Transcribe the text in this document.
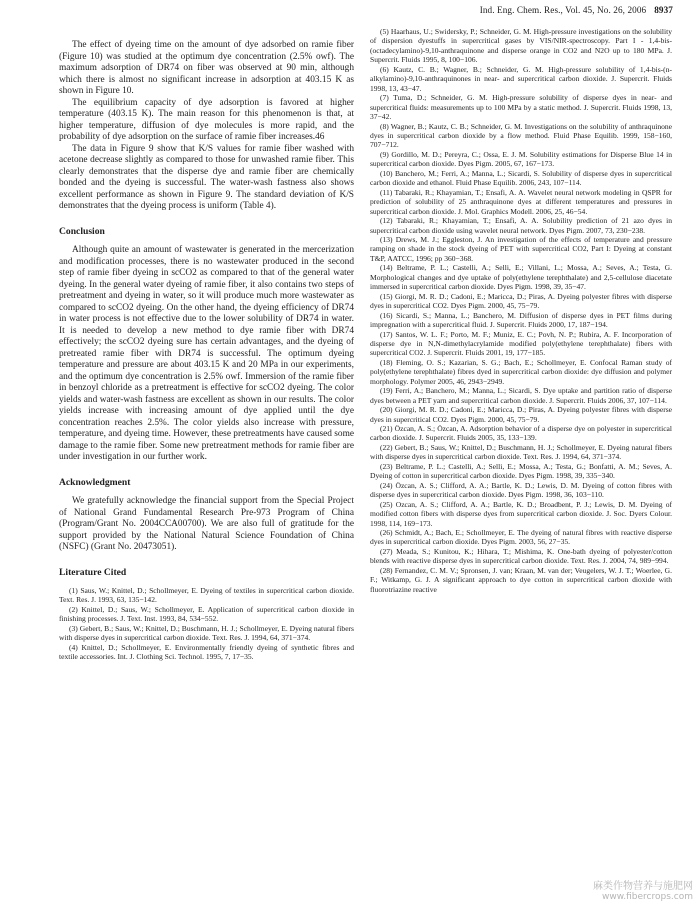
Ind. Eng. Chem. Res., Vol. 45, No. 26, 2006 8937

The effect of dyeing time on the amount of dye adsorbed on ramie fiber (Figure 10) was studied at the optimum dye concentration (2.5% owf). The maximum adsorption of DR74 on fiber was observed at 90 min, although which there is almost no significant increase in adsorption at 403.15 K as shown in Figure 10.

The equilibrium capacity of dye adsorption is favored at higher temperature (403.15 K). The main reason for this phenomenon is that, at higher temperature, diffusion of dye molecules is more rapid, and the probability of dye adsorption on the surface of ramie fiber increases.46

The data in Figure 9 show that K/S values for ramie fiber washed with acetone decrease slightly as compared to those for unwashed ramie fiber. This clearly demonstrates that the disperse dye and ramie fiber are chemically bonded and the dyeing is successful. The water-wash fastness also shows excellent performance as shown in Figure 9. The standard deviation of K/S demonstrates that the dyeing process is uniform (Table 4).

Conclusion

Although quite an amount of wastewater is generated in the mercerization and modification processes, there is no wastewater produced in the second step of ramie fiber dyeing in scCO2 as compared to that of the general water dyeing. In the general water dyeing of ramie fiber, it also contains two steps of pretreatment and dyeing in water, so it will produce much more wastewater as compared to scCO2 dyeing. On the other hand, the dyeing efficiency of DR74 in water process is not effective due to the lower solubility of DR74 in water. It is needed to develop a new method to dye ramie fiber with DR74 effectively; the scCO2 dyeing sure has certain advantages, and the dyeing of pretreated ramie fiber with DR74 is successful. The optimum dyeing temperature and pressure are about 403.15 K and 20 MPa in our experiments, and the optimum dye concentration is 2.5% owf. Immersion of the ramie fiber in benzoyl chloride as a pretreatment is effective for scCO2 dyeing. The color yields and water-wash fastness are excellent as shown in our results. The color yields increase with increasing amount of dye applied until the dye concentration reaches 2.5%. The color yields also increase with pressure, temperature, and dyeing time. However, these pretreatments have caused some damage to the ramie fiber. Some new pretreatment methods for ramie fiber are under investigation in our further work.

Acknowledgment

We gratefully acknowledge the financial support from the Special Project of National Grand Fundamental Research Pre-973 Program of China (Program/Grant No. 2004CCA00700). We are also full of gratitude for the support provided by the National Natural Science Foundation of China (NSFC) (Grant No. 20473051).

Literature Cited

(1) Saus, W.; Knittel, D.; Schollmeyer, E. Dyeing of textiles in supercritical carbon dioxide. Text. Res. J. 1993, 63, 135−142.

(2) Knittel, D.; Saus, W.; Schollmeyer, E. Application of supercritical carbon dioxide in finishing processes. J. Text. Inst. 1993, 84, 534−552.

(3) Gebert, B.; Saus, W.; Knittel, D.; Buschmann, H. J.; Schollmeyer, E. Dyeing natural fibers with disperse dyes in supercritical carbon dioxide. Text. Res. J. 1994, 64, 371−374.

(4) Knittel, D.; Schollmeyer, E. Environmentally friendly dyeing of synthetic fibres and textile accessories. Int. J. Clothing Sci. Technol. 1995, 7, 17−35.

(5) Haarhaus, U.; Swidersky, P.; Schneider, G. M. High-pressure investigations on the solubility of dispersion dyestuffs in supercritical gases by VIS/NIR-spectroscopy. Part I - 1,4-bis-(octadecylamino)-9,10-anthraquinone and disperse orange in CO2 and N2O up to 180 MPa. J. Supercrit. Fluids 1995, 8, 100−106.

(6) Kautz, C. B.; Wagner, B.; Schneider, G. M. High-pressure solubility of 1,4-bis-(n-alkylamino)-9,10-anthraquinones in near- and supercritical carbon dioxide. J. Supercrit. Fluids 1998, 13, 43−47.

(7) Tuma, D.; Schneider, G. M. High-pressure solubility of disperse dyes in near- and supercritical fluids: measurements up to 100 MPa by a static method. J. Supercrit. Fluids 1998, 13, 37−42.

(8) Wagner, B.; Kautz, C. B.; Schneider, G. M. Investigations on the solubility of anthraquinone dyes in supercritical carbon dioxide by a flow method. Fluid Phase Equilib. 1999, 158−160, 707−712.

(9) Gordillo, M. D.; Pereyra, C.; Ossa, E. J. M. Solubility estimations for Disperse Blue 14 in supercritical carbon dioxide. Dyes Pigm. 2005, 67, 167−173.

(10) Banchero, M.; Ferri, A.; Manna, L.; Sicardi, S. Solubility of disperse dyes in supercritical carbon dioxide and ethanol. Fluid Phase Equilib. 2006, 243, 107−114.

(11) Tabaraki, R.; Khayamian, T.; Ensafi, A. A. Wavelet neural network modeling in QSPR for prediction of solubility of 25 anthraquinone dyes at different temperatures and pressures in supercritical carbon dioxide. J. Mol. Graphics Modell. 2006, 25, 46−54.

(12) Tabaraki, R.; Khayamian, T.; Ensafi, A. A. Solubility prediction of 21 azo dyes in supercritical carbon dioxide using wavelet neural network. Dyes Pigm. 2007, 73, 230−238.

(13) Drews, M. J.; Eggleston, J. An investigation of the effects of temperature and pressure ramping on shade in the stock dyeing of PET with supercritical CO2, Part I: Dyeing at constant T&P, AATCC, 1996; pp 360−368.

(14) Beltrame, P. L.; Castelli, A.; Selli, E.; Villani, L.; Mossa, A.; Seves, A.; Testa, G. Morphological changes and dye uptake of poly(ethylene terephthalate) and 2,5-cellulose diacetate immersed in supercritical carbon dioxide. Dyes Pigm. 1998, 39, 35−47.

(15) Giorgi, M. R. D.; Cadoni, E.; Maricca, D.; Piras, A. Dyeing polyester fibres with disperse dyes in supercritical CO2. Dyes Pigm. 2000, 45, 75−79.

(16) Sicardi, S.; Manna, L.; Banchero, M. Diffusion of disperse dyes in PET films during impregnation with a supercritical fluid. J. Supercrit. Fluids 2000, 17, 187−194.

(17) Santos, W. L. F.; Porto, M. F.; Muniz, E. C.; Povh, N. P.; Rubira, A. F. Incorporation of disperse dye in N,N-dimethylacrylamide modified poly(ethylene terephthalate) fibers with supercritical CO2. J. Supercrit. Fluids 2001, 19, 177−185.

(18) Fleming, O. S.; Kazarian, S. G.; Bach, E.; Schollmeyer, E. Confocal Raman study of poly(ethylene terephthalate) fibres dyed in supercritical carbon dioxide: dye diffusion and polymer morphology. Polymer 2005, 46, 2943−2949.

(19) Ferri, A.; Banchero, M.; Manna, L.; Sicardi, S. Dye uptake and partition ratio of disperse dyes between a PET yarn and supercritical carbon dioxide. J. Supercrit. Fluids 2006, 37, 107−114.

(20) Giorgi, M. R. D.; Cadoni, E.; Maricca, D.; Piras, A. Dyeing polyester fibres with disperse dyes in supercritical CO2. Dyes Pigm. 2000, 45, 75−79.

(21) Özcan, A. S.; Özcan, A. Adsorption behavior of a disperse dye on polyester in supercritical carbon dioxide. J. Supercrit. Fluids 2005, 35, 133−139.

(22) Gebert, B.; Saus, W.; Knittel, D.; Buschmann, H. J.; Schollmeyer, E. Dyeing natural fibers with disperse dyes in supercritical carbon dioxide. Text. Res. J. 1994, 64, 371−374.

(23) Beltrame, P. L.; Castelli, A.; Selli, E.; Mossa, A.; Testa, G.; Bonfatti, A. M.; Seves, A. Dyeing of cotton in supercritical carbon dioxide. Dyes Pigm. 1998, 39, 335−340.

(24) Özcan, A. S.; Clifford, A. A.; Bartle, K. D.; Lewis, D. M. Dyeing of cotton fibres with disperse dyes in supercritical carbon dioxide. Dyes Pigm. 1998, 36, 103−110.

(25) Ozcan, A. S.; Clifford, A. A.; Bartle, K. D.; Broadbent, P. J.; Lewis, D. M. Dyeing of modified cotton fibers with disperse dyes from supercritical carbon dioxide. J. Soc. Dyers Colour. 1998, 114, 169−173.

(26) Schmidt, A.; Bach, E.; Schollmeyer, E. The dyeing of natural fibres with reactive disperse dyes in supercritical carbon dioxide. Dyes Pigm. 2003, 56, 27−35.

(27) Meada, S.; Kunitou, K.; Hihara, T.; Mishima, K. One-bath dyeing of polyester/cotton blends with reactive disperse dyes in supercritical carbon dioxide. Text. Res. J. 2004, 74, 989−994.

(28) Fernandez, C. M. V.; Spronsen, J. van; Kraan, M. van der; Veugelers, W. J. T.; Woerlee, G. F.; Witkamp, G. J. A significant approach to dye cotton in supercritical carbon dioxide with fluorotriazine reactive

麻类作物营养与施肥网
www.fibercrops.com
